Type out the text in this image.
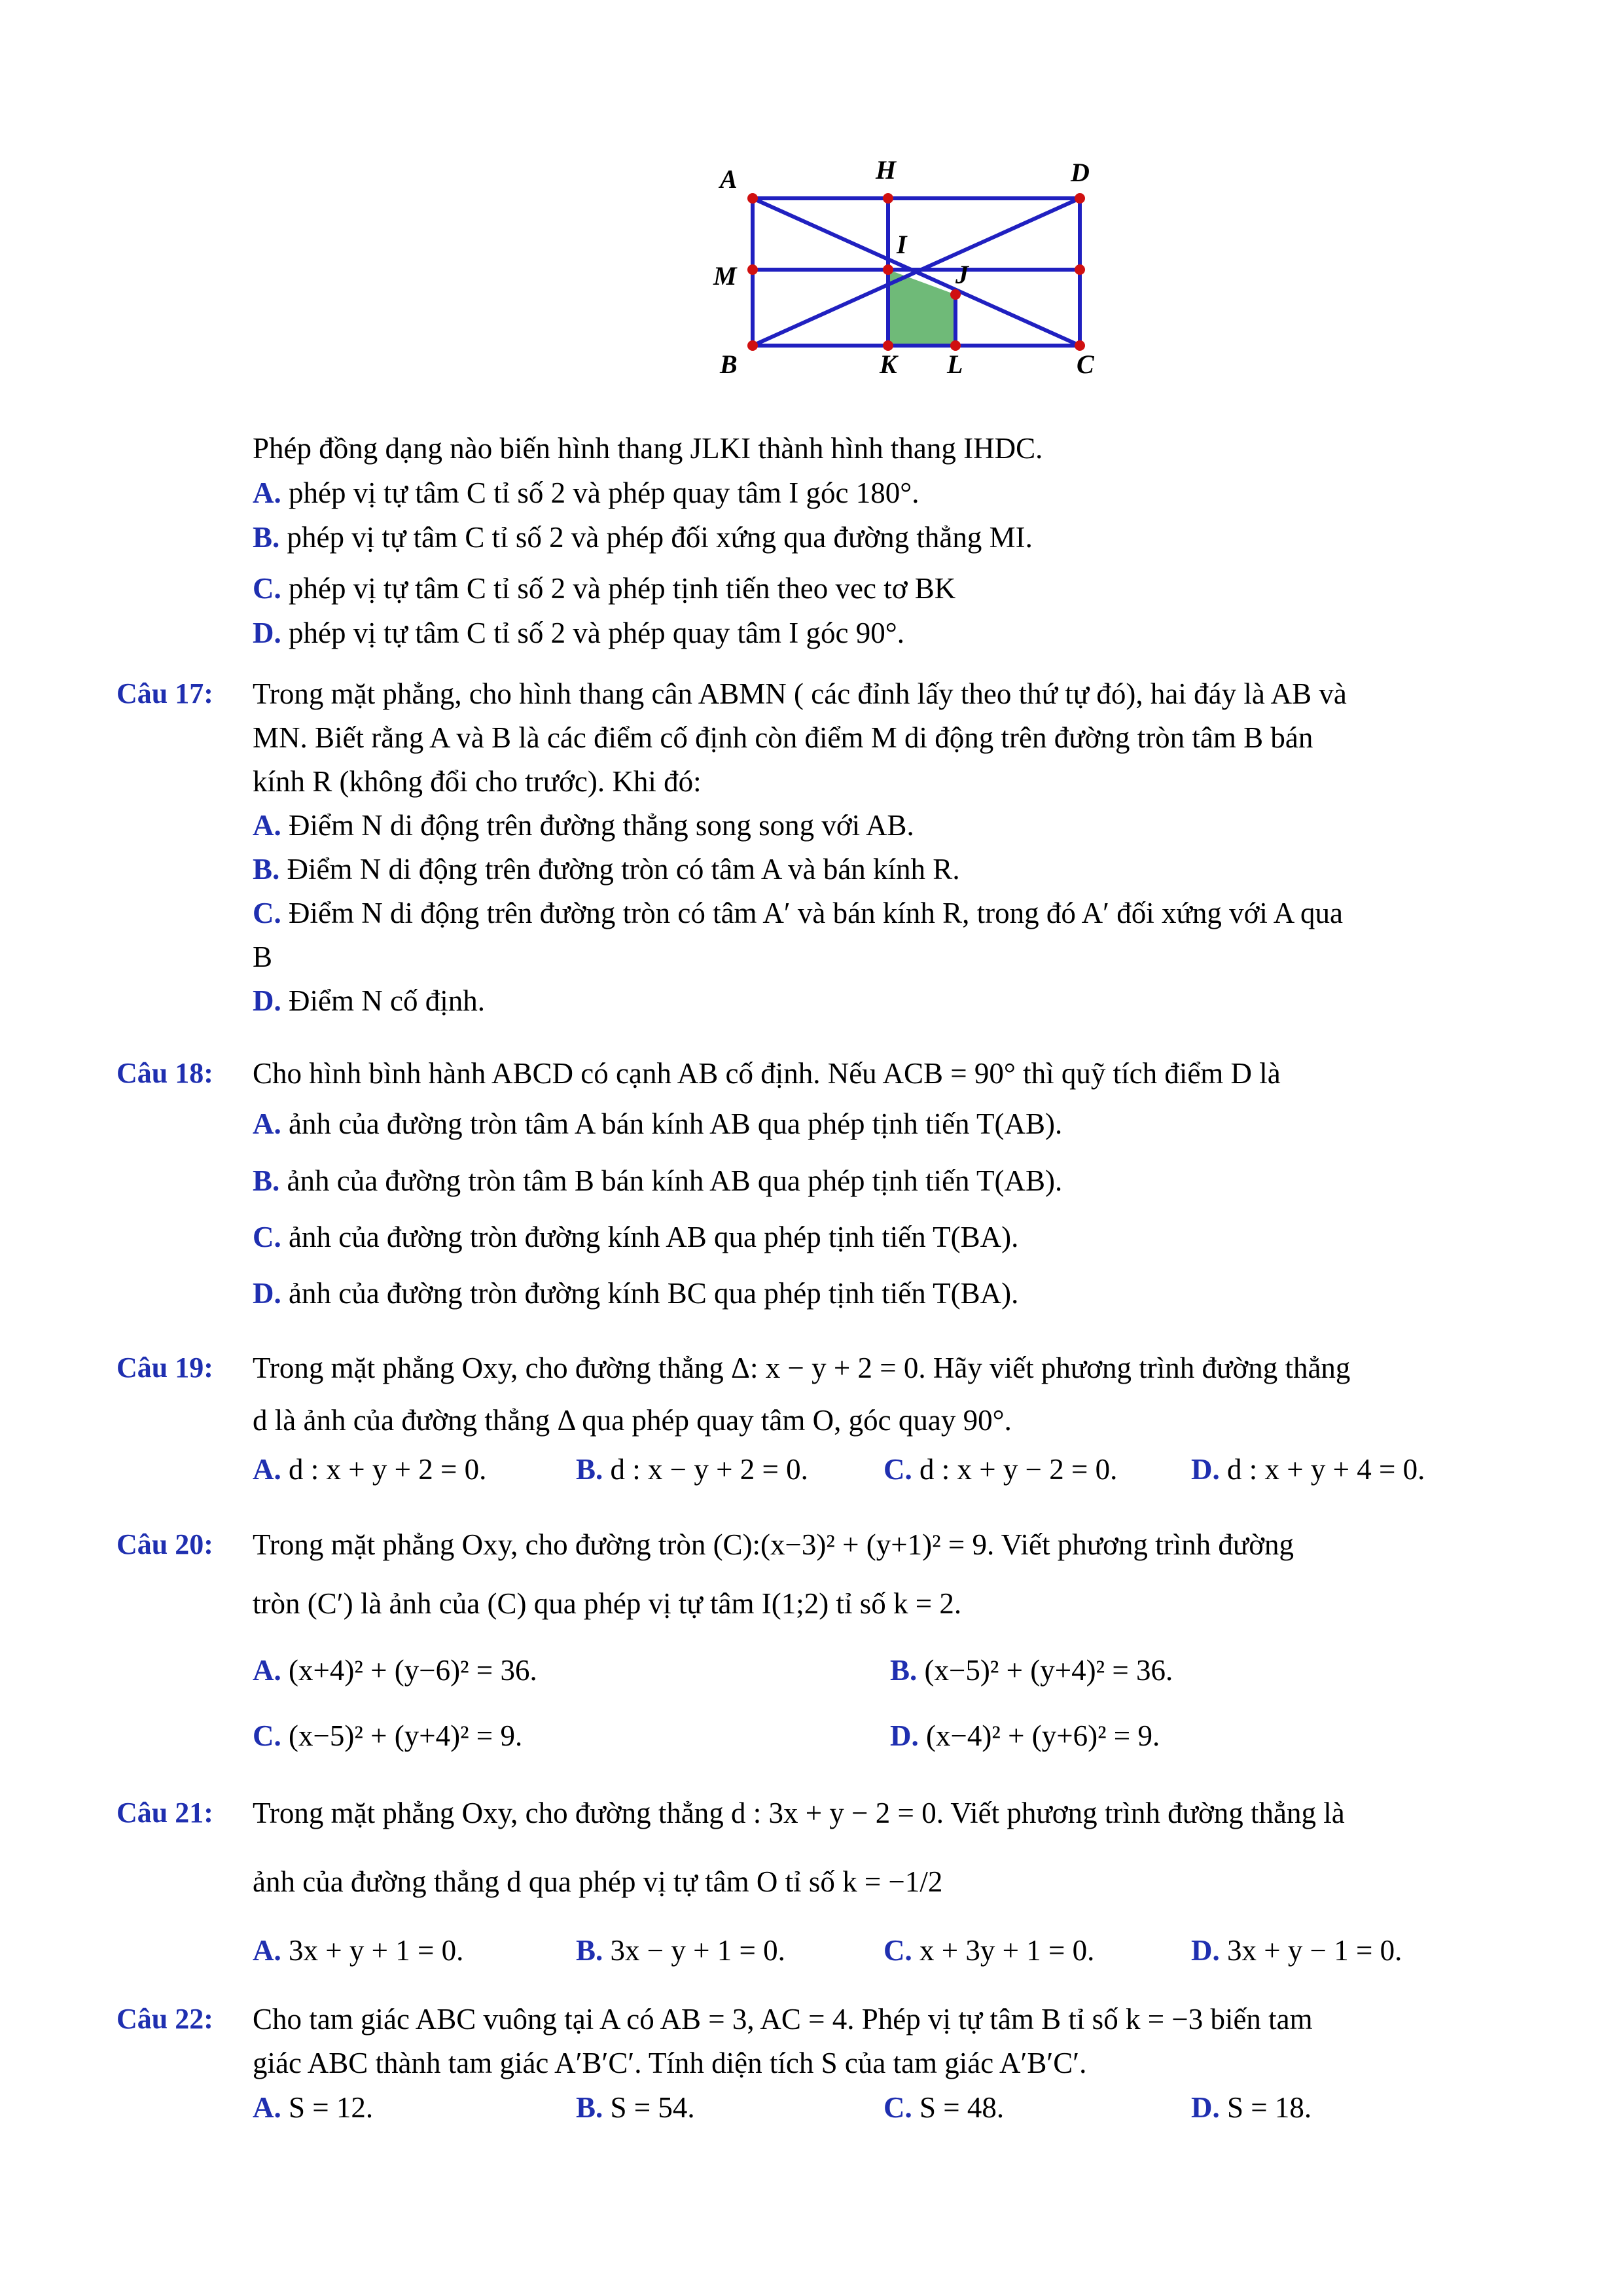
A	H	D
I
M	J
B	K L	C
Phép đồng dạng nào biến hình thang JLKI thành hình thang IHDC.
A. phép vị tự tâm C tỉ số 2 và phép quay tâm I góc 180°.
B. phép vị tự tâm C tỉ số 2 và phép đối xứng qua đường thẳng MI.
C. phép vị tự tâm C tỉ số 2 và phép tịnh tiến theo vec tơ BK
D. phép vị tự tâm C tỉ số 2 và phép quay tâm I góc 90°.
Câu 17: Trong mặt phẳng, cho hình thang cân ABMN ( các đỉnh lấy theo thứ tự đó), hai đáy là AB và
MN. Biết rằng A và B là các điểm cố định còn điểm M di động trên đường tròn tâm B bán
kính R (không đổi cho trước). Khi đó:
A. Điểm N di động trên đường thẳng song song với AB.
B. Điểm N di động trên đường tròn có tâm A và bán kính R.
C. Điểm N di động trên đường tròn có tâm A′ và bán kính R, trong đó A′ đối xứng với A qua
B
D. Điểm N cố định.
Câu 18: Cho hình bình hành ABCD có cạnh AB cố định. Nếu ACB = 90° thì quỹ tích điểm D là
A. ảnh của đường tròn tâm A bán kính AB qua phép tịnh tiến T(AB).
B. ảnh của đường tròn tâm B bán kính AB qua phép tịnh tiến T(AB).
C. ảnh của đường tròn đường kính AB qua phép tịnh tiến T(BA).
D. ảnh của đường tròn đường kính BC qua phép tịnh tiến T(BA).
Câu 19: Trong mặt phẳng Oxy, cho đường thẳng Δ: x − y + 2 = 0. Hãy viết phương trình đường thẳng
d là ảnh của đường thẳng Δ qua phép quay tâm O, góc quay 90°.
A. d : x + y + 2 = 0.	B. d : x − y + 2 = 0.	C. d : x + y − 2 = 0.	D. d : x + y + 4 = 0.
Câu 20: Trong mặt phẳng Oxy, cho đường tròn (C):(x−3)² + (y+1)² = 9. Viết phương trình đường
tròn (C′) là ảnh của (C) qua phép vị tự tâm I(1;2) tỉ số k = 2.
A. (x+4)² + (y−6)² = 36.	B. (x−5)² + (y+4)² = 36.
C. (x−5)² + (y+4)² = 9.	D. (x−4)² + (y+6)² = 9.
Câu 21: Trong mặt phẳng Oxy, cho đường thẳng d : 3x + y − 2 = 0. Viết phương trình đường thẳng là
ảnh của đường thẳng d qua phép vị tự tâm O tỉ số k = −1/2
A. 3x + y + 1 = 0.	B. 3x − y + 1 = 0.	C. x + 3y + 1 = 0.	D. 3x + y − 1 = 0.
Câu 22: Cho tam giác ABC vuông tại A có AB = 3, AC = 4. Phép vị tự tâm B tỉ số k = −3 biến tam
giác ABC thành tam giác A′B′C′. Tính diện tích S của tam giác A′B′C′.
A. S = 12.	B. S = 54.	C. S = 48.	D. S = 18.
